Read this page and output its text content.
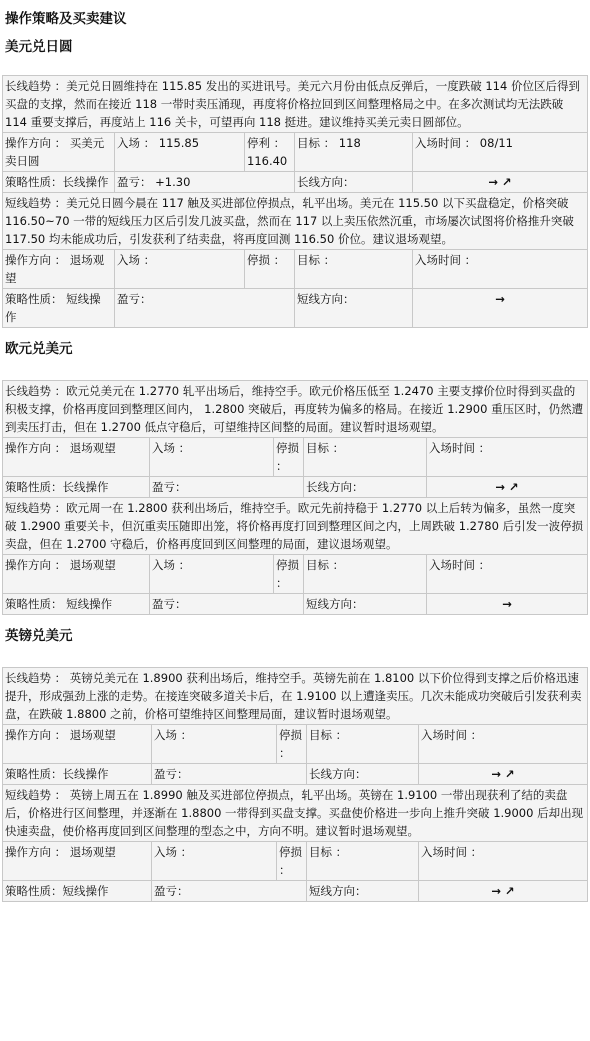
操作策略及买卖建议
美元兑日圆
长线趋势 ：美元兑日圆维持在 115.85 发出的买进讯号。美元六月份由低点反弹后，一度跌破 114 价位区后得到买盘的支撑，然而在接近 118 一带时卖压涌现，再度将价格拉回到区间整理格局之中。在多次测试均无法跌破 114 重要支撑后，再度站上 116 关卡，可望再向 118 挺进。建议维持买美元卖日圆部位。				
操作方向 ： 买美元卖日圆	入场 ： 115.85	停利 ： 116.40	目标 ： 118	入场时间 ： 08/11
策略性质：长线操作	盈亏： +1.30		长线方向：	→ ↗
短线趋势 ：美元兑日圆今晨在 117 触及买进部位停损点，轧平出场。美元在 115.50 以下买盘稳定，价格突破 116.50~70 一带的短线压力区后引发几波买盘，然而在 117 以上卖压依然沉重，市场屡次试图将价格推升突破 117.50 均未能成功后，引发获利了结卖盘，将再度回测 116.50 价位。建议退场观望。				
操作方向 ： 退场观望	入场 ：	停损 ：	目标 ：	入场时间 ：
策略性质： 短线操作	盈亏：		短线方向：	→
欧元兑美元
长线趋势 ：欧元兑美元在 1.2770 轧平出场后，维持空手。欧元价格压低至 1.2470 主要支撑价位时得到买盘的积极支撑，价格再度回到整理区间内， 1.2800 突破后，再度转为偏多的格局。在接近 1.2900 重压区时，仍然遭到卖压打击，但在 1.2700 低点守稳后，可望维持区间整的局面。建议暂时退场观望。				
操作方向 ： 退场观望	入场 ：	停损 ：	目标 ：	入场时间 ：
策略性质：长线操作	盈亏：		长线方向：	→ ↗
短线趋势 ：欧元周一在 1.2800 获利出场后，维持空手。欧元先前持稳于 1.2770 以上后转为偏多，虽然一度突破 1.2900 重要关卡，但沉重卖压随即出笼，将价格再度打回到整理区间之内，上周跌破 1.2780 后引发一波停损卖盘，但在 1.2700 守稳后，价格再度回到区间整理的局面，建议退场观望。				
操作方向 ： 退场观望	入场 ：	停损 ：	目标 ：	入场时间 ：
策略性质： 短线操作	盈亏：		短线方向：	→
英镑兑美元
长线趋势 ： 英镑兑美元在 1.8900 获利出场后，维持空手。英镑先前在 1.8100 以下价位得到支撑之后价格迅速提升，形成强劲上涨的走势。在接连突破多道关卡后，在 1.9100 以上遭逢卖压。几次未能成功突破后引发获利卖盘，在跌破 1.8800 之前，价格可望维持区间整理局面，建议暂时退场观望。				
操作方向 ： 退场观望	入场 ：	停损 ：	目标 ：	入场时间 ：
策略性质：长线操作	盈亏：		长线方向：	→ ↗
短线趋势 ： 英镑上周五在 1.8990 触及买进部位停损点，轧平出场。英镑在 1.9100 一带出现获利了结的卖盘后，价格进行区间整理，并逐渐在 1.8800 一带得到买盘支撑。买盘使价格进一步向上推升突破 1.9000 后却出现快速卖盘，使价格再度回到区间整理的型态之中，方向不明。建议暂时退场观望。				
操作方向 ： 退场观望	入场 ：	停损 ：	目标 ：	入场时间 ：
策略性质：短线操作	盈亏：		短线方向：	→ ↗
